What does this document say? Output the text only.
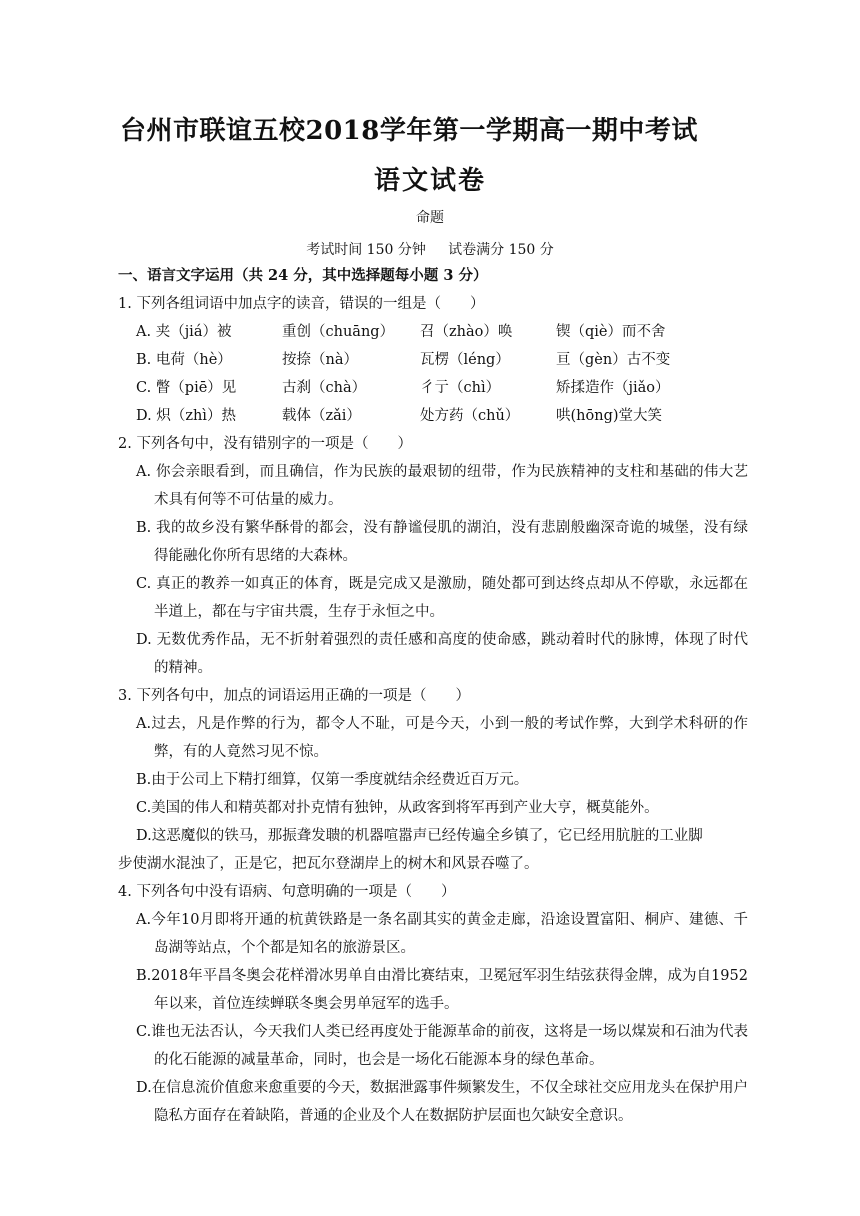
台州市联谊五校2018学年第一学期高一期中考试
语文试卷
命题
考试时间 150 分钟 试卷满分 150 分
一、语言文字运用（共 24 分，其中选择题每小题 3 分）
1. 下列各组词语中加点字的读音，错误的一组是（　　）
A. 夹（jiá）被	重创（chuāng）	召（zhào）唤	锲（qiè）而不舍
B. 电荷（hè）	按捺（nà）	瓦楞（léng）	亘（gèn）古不变
C. 瞥（piē）见	古刹（chà）	彳亍（chì）	矫揉造作（jiǎo）
D. 炽（zhì）热	载体（zǎi）	处方药（chǔ）	哄(hōng)堂大笑
2. 下列各句中，没有错别字的一项是（　　）
A. 你会亲眼看到，而且确信，作为民族的最艰韧的纽带，作为民族精神的支柱和基础的伟大艺术具有何等不可估量的威力。
B. 我的故乡没有繁华酥骨的都会，没有静谧侵肌的湖泊，没有悲剧般幽深奇诡的城堡，没有绿得能融化你所有思绪的大森林。
C. 真正的教养一如真正的体育，既是完成又是激励，随处都可到达终点却从不停歇，永远都在半道上，都在与宇宙共震，生存于永恒之中。
D. 无数优秀作品，无不折射着强烈的责任感和高度的使命感，跳动着时代的脉博，体现了时代的精神。
3. 下列各句中，加点的词语运用正确的一项是（　　）
A.过去，凡是作弊的行为，都令人不耻，可是今天，小到一般的考试作弊，大到学术科研的作弊，有的人竟然习见不惊。
B.由于公司上下精打细算，仅第一季度就结余经费近百万元。
C.美国的伟人和精英都对扑克情有独钟，从政客到将军再到产业大亨，概莫能外。
D.这恶魔似的铁马，那振聋发聩的机器喧嚣声已经传遍全乡镇了，它已经用肮脏的工业脚
步使湖水混浊了，正是它，把瓦尔登湖岸上的树木和风景吞噬了。
4. 下列各句中没有语病、句意明确的一项是（　　）
A.今年10月即将开通的杭黄铁路是一条名副其实的黄金走廊，沿途设置富阳、桐庐、建德、千岛湖等站点，个个都是知名的旅游景区。
B.2018年平昌冬奥会花样滑冰男单自由滑比赛结束，卫冕冠军羽生结弦获得金牌，成为自1952年以来，首位连续蝉联冬奥会男单冠军的选手。
C.谁也无法否认，今天我们人类已经再度处于能源革命的前夜，这将是一场以煤炭和石油为代表的化石能源的减量革命，同时，也会是一场化石能源本身的绿色革命。
D.在信息流价值愈来愈重要的今天，数据泄露事件频繁发生，不仅全球社交应用龙头在保护用户隐私方面存在着缺陷，普通的企业及个人在数据防护层面也欠缺安全意识。
